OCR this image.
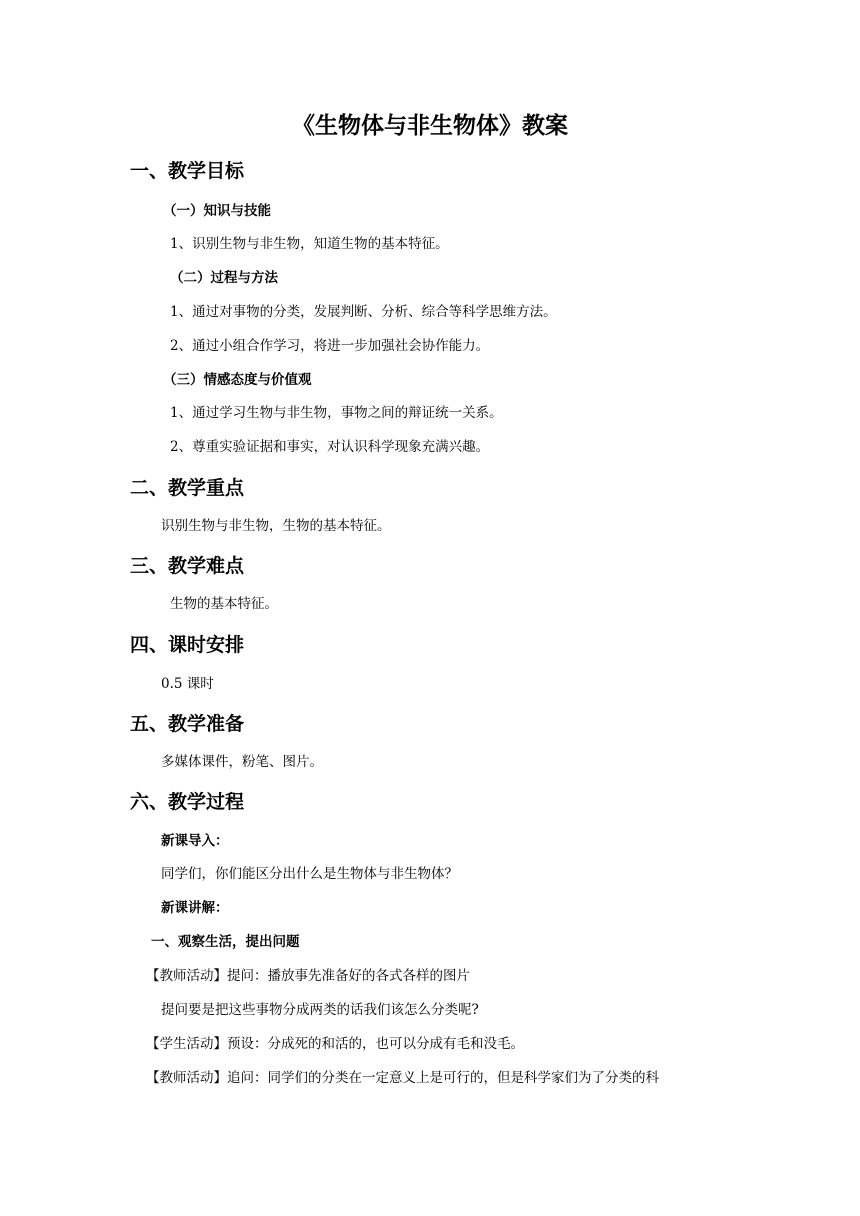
《生物体与非生物体》教案
一、教学目标
（一）知识与技能
1、识别生物与非生物，知道生物的基本特征。
（二）过程与方法
1、通过对事物的分类，发展判断、分析、综合等科学思维方法。
2、通过小组合作学习，将进一步加强社会协作能力。
（三）情感态度与价值观
1、通过学习生物与非生物，事物之间的辩证统一关系。
2、尊重实验证据和事实，对认识科学现象充满兴趣。
二、教学重点
识别生物与非生物，生物的基本特征。
三、教学难点
生物的基本特征。
四、课时安排
0.5 课时
五、教学准备
多媒体课件，粉笔、图片。
六、教学过程
新课导入：
同学们，你们能区分出什么是生物体与非生物体？
新课讲解：
一、观察生活，提出问题
【教师活动】提问：播放事先准备好的各式各样的图片
提问要是把这些事物分成两类的话我们该怎么分类呢?
【学生活动】预设：分成死的和活的，也可以分成有毛和没毛。
【教师活动】追问：同学们的分类在一定意义上是可行的，但是科学家们为了分类的科
